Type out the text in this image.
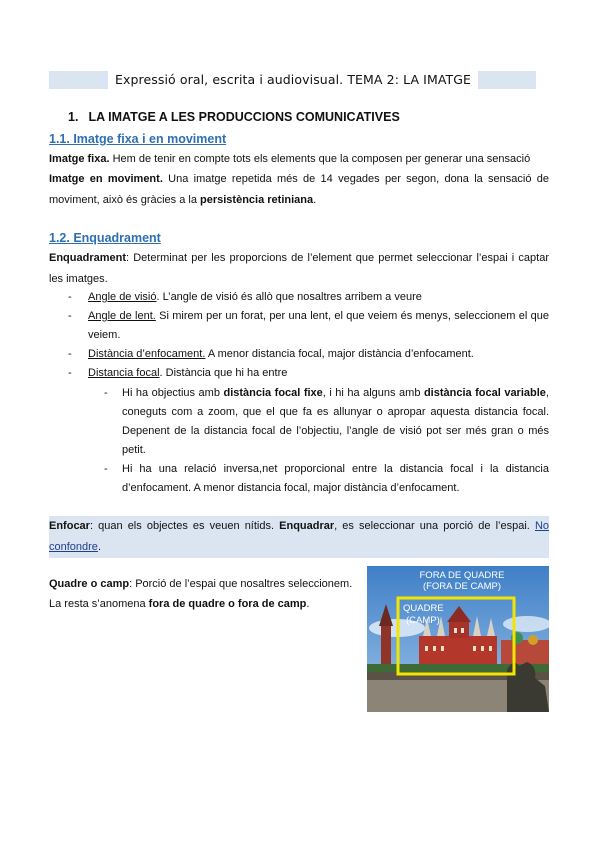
Expressió oral, escrita i audiovisual. TEMA 2: LA IMATGE
1. LA IMATGE A LES PRODUCCIONS COMUNICATIVES
1.1. Imatge fixa i en moviment
Imatge fixa. Hem de tenir en compte tots els elements que la composen per generar una sensació
Imatge en moviment. Una imatge repetida més de 14 vegades per segon, dona la sensació de moviment, això és gràcies a la persistència retiniana.
1.2. Enquadrament
Enquadrament: Determinat per les proporcions de l’element que permet seleccionar l’espai i captar les imatges.
- Angle de visió. L’angle de visió és allò que nosaltres arribem a veure
- Angle de lent. Si mirem per un forat, per una lent, el que veiem és menys, seleccionem el que veiem.
- Distància d’enfocament. A menor distancia focal, major distància d’enfocament.
- Distancia focal. Distància que hi ha entre
- Hi ha objectius amb distància focal fixe, i hi ha alguns amb distància focal variable, coneguts com a zoom, que el que fa es allunyar o apropar aquesta distancia focal. Depenent de la distancia focal de l’objectiu, l’angle de visió pot ser més gran o més petit.
- Hi ha una relació inversa,net proporcional entre la distancia focal i la distancia d’enfocament. A menor distancia focal, major distància d’enfocament.
Enfocar: quan els objectes es veuen nítids. Enquadrar, es seleccionar una porció de l’espai. No confondre.
Quadre o camp: Porció de l’espai que nosaltres seleccionem.
La resta s’anomena fora de quadre o fora de camp.
FORA DE QUADRE
(FORA DE CAMP)
QUADRE
(CAMP)
